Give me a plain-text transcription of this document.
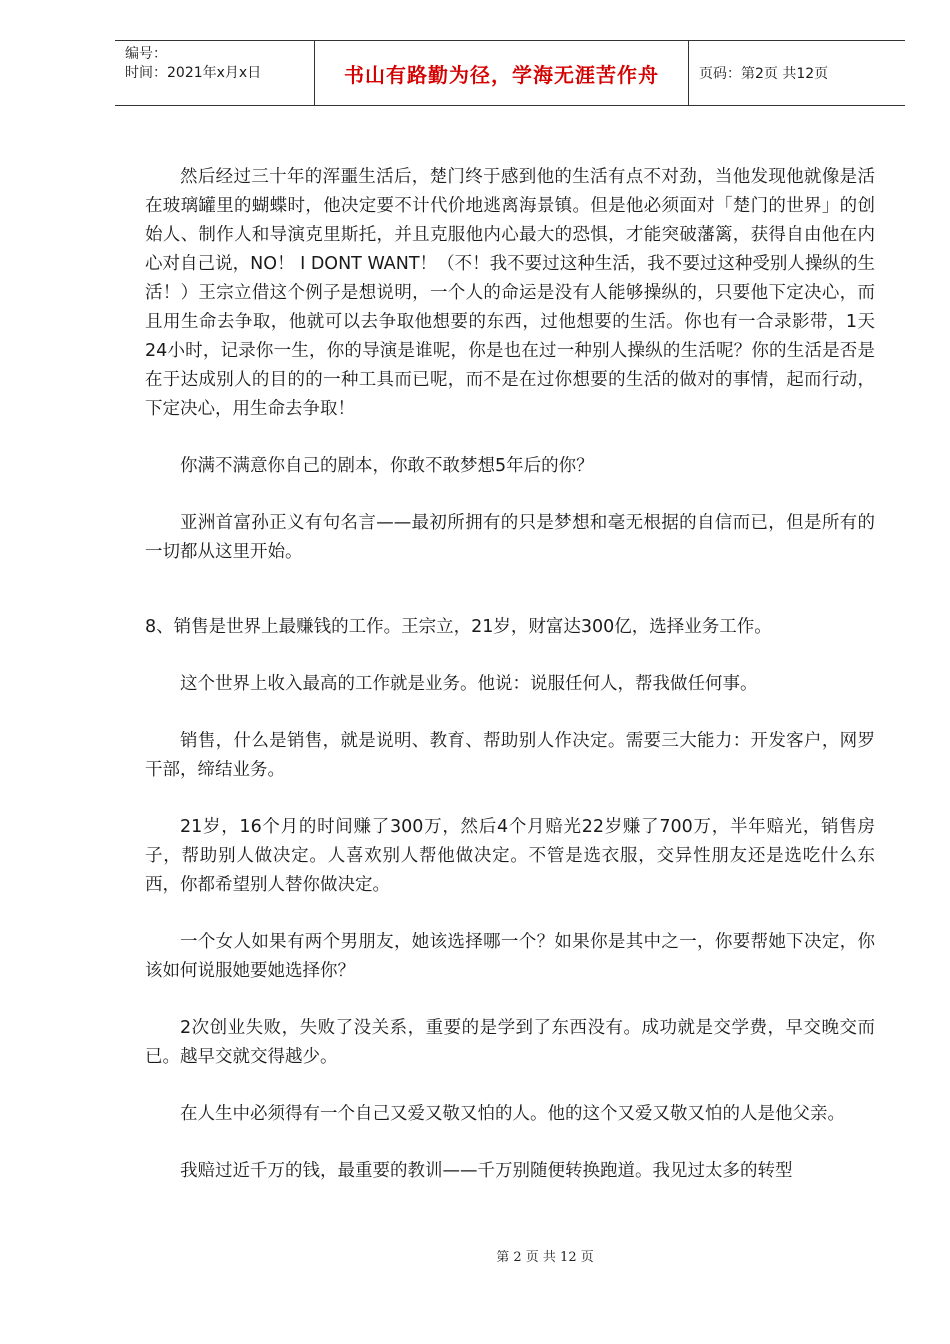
编号：
时间：2021年x月x日	书山有路勤为径，学海无涯苦作舟	页码：第2页 共12页

然后经过三十年的浑噩生活后，楚门终于感到他的生活有点不对劲，当他发现他就像是活在玻璃罐里的蝴蝶时，他决定要不计代价地逃离海景镇。但是他必须面对「楚门的世界」的创始人、制作人和导演克里斯托，并且克服他内心最大的恐惧，才能突破藩篱，获得自由他在内心对自己说，NO！ I DONT WANT！（不！我不要过这种生活，我不要过这种受别人操纵的生活！）王宗立借这个例子是想说明，一个人的命运是没有人能够操纵的，只要他下定决心，而且用生命去争取，他就可以去争取他想要的东西，过他想要的生活。你也有一合录影带，1天24小时，记录你一生，你的导演是谁呢，你是也在过一种别人操纵的生活呢？你的生活是否是在于达成别人的目的的一种工具而已呢，而不是在过你想要的生活的做对的事情，起而行动，下定决心，用生命去争取！

你满不满意你自己的剧本，你敢不敢梦想5年后的你？

亚洲首富孙正义有句名言——最初所拥有的只是梦想和毫无根据的自信而已，但是所有的一切都从这里开始。

8、销售是世界上最赚钱的工作。王宗立，21岁，财富达300亿，选择业务工作。

这个世界上收入最高的工作就是业务。他说：说服任何人，帮我做任何事。

销售，什么是销售，就是说明、教育、帮助别人作决定。需要三大能力：开发客户，网罗干部，缔结业务。

21岁，16个月的时间赚了300万，然后4个月赔光22岁赚了700万，半年赔光，销售房子，帮助别人做决定。人喜欢别人帮他做决定。不管是选衣服，交异性朋友还是选吃什么东西，你都希望别人替你做决定。

一个女人如果有两个男朋友，她该选择哪一个？如果你是其中之一，你要帮她下决定，你该如何说服她要她选择你？

2次创业失败，失败了没关系，重要的是学到了东西没有。成功就是交学费，早交晚交而已。越早交就交得越少。

在人生中必须得有一个自己又爱又敬又怕的人。他的这个又爱又敬又怕的人是他父亲。

我赔过近千万的钱，最重要的教训——千万别随便转换跑道。我见过太多的转型

第 2 页 共 12 页
